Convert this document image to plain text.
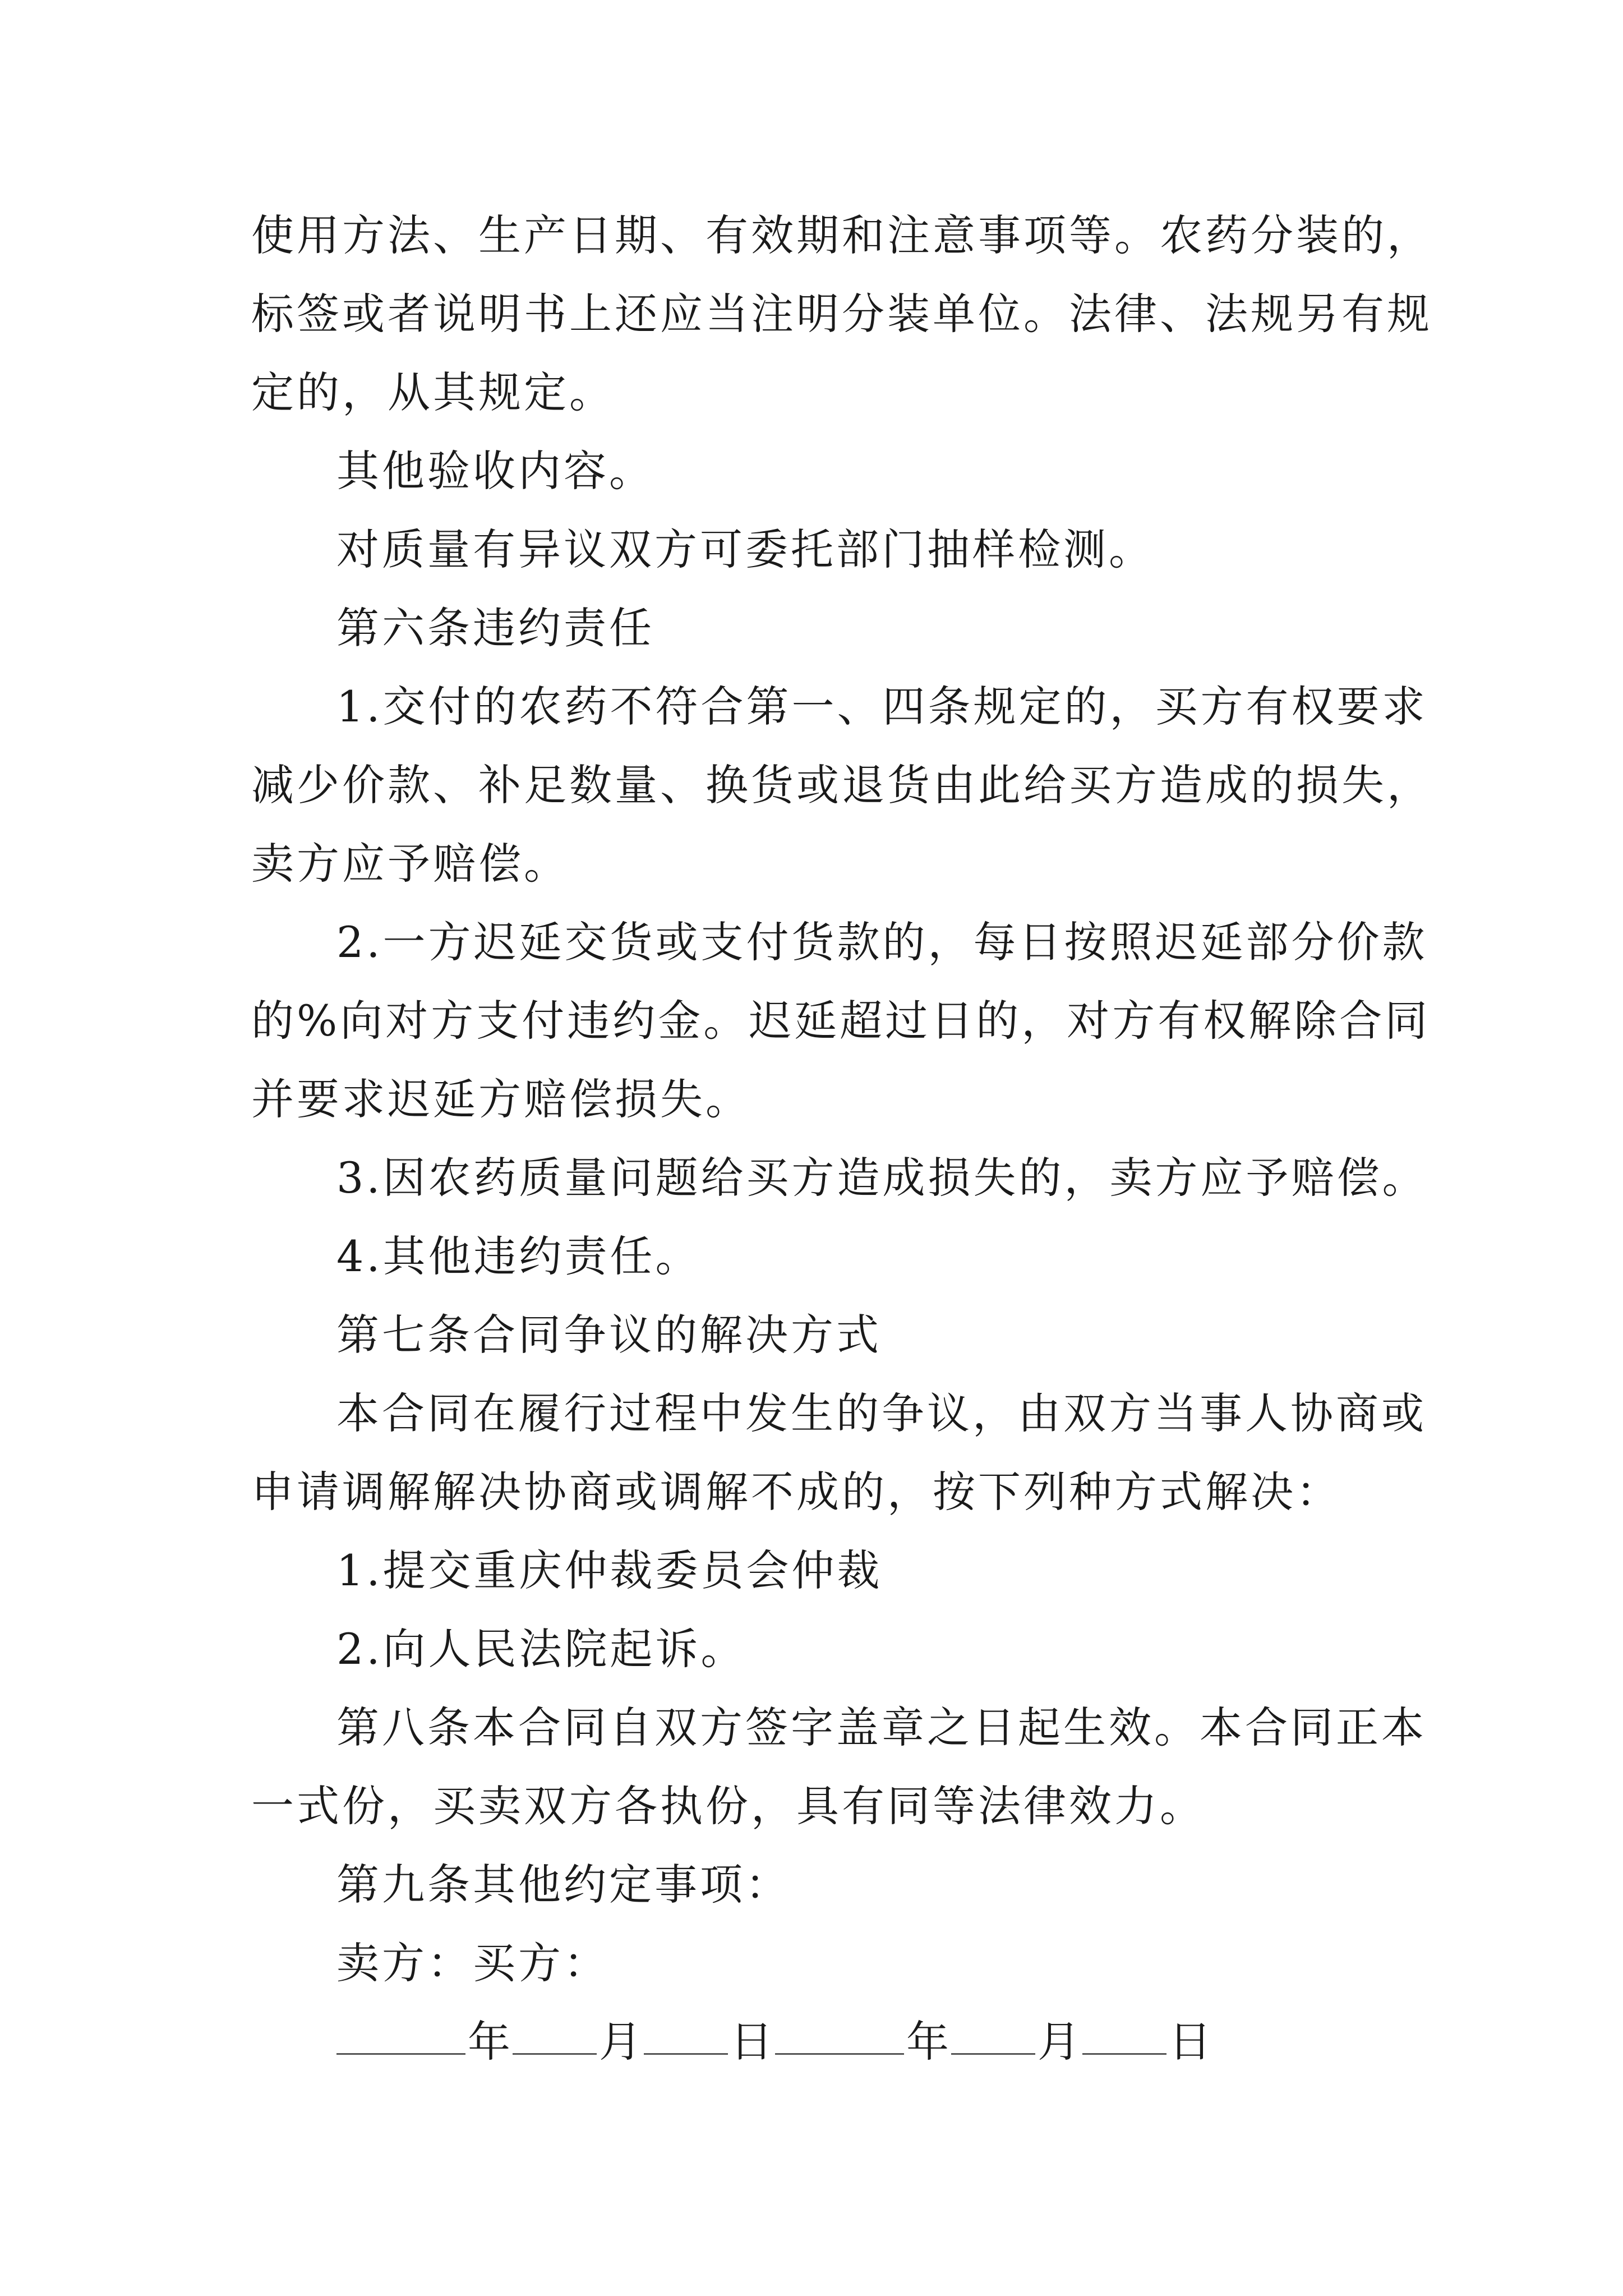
使用方法、生产日期、有效期和注意事项等。农药分装的，
标签或者说明书上还应当注明分装单位。法律、法规另有规
定的，从其规定。
其他验收内容。
对质量有异议双方可委托部门抽样检测。
第六条违约责任
1.交付的农药不符合第一、四条规定的，买方有权要求
减少价款、补足数量、换货或退货由此给买方造成的损失，
卖方应予赔偿。
2.一方迟延交货或支付货款的，每日按照迟延部分价款
的%向对方支付违约金。迟延超过日的，对方有权解除合同
并要求迟延方赔偿损失。
3.因农药质量问题给买方造成损失的，卖方应予赔偿。
4.其他违约责任。
第七条合同争议的解决方式
本合同在履行过程中发生的争议，由双方当事人协商或
申请调解解决协商或调解不成的，按下列种方式解决：
1.提交重庆仲裁委员会仲裁
2.向人民法院起诉。
第八条本合同自双方签字盖章之日起生效。本合同正本
一式份，买卖双方各执份，具有同等法律效力。
第九条其他约定事项：
卖方：买方：
年 月 日	年 月 日
